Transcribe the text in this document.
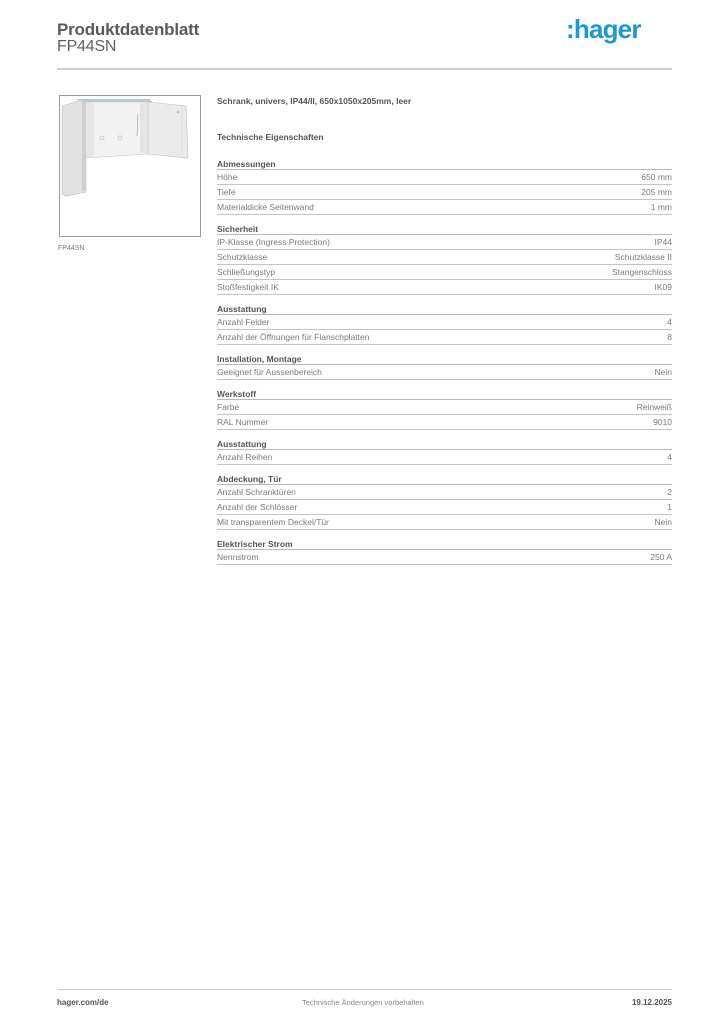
Produktdatenblatt
FP44SN
:hager
FP44SN
Schrank, univers, IP44/II, 650x1050x205mm, leer
Technische Eigenschaften
Abmessungen
Höhe	650 mm
Tiefe	205 mm
Materialdicke Seitenwand	1 mm
Sicherheit
IP-Klasse (Ingress Protection)	IP44
Schutzklasse	Schutzklasse II
Schließungstyp	Stangenschloss
Stoßfestigkeit IK	IK09
Ausstattung
Anzahl Felder	4
Anzahl der Öffnungen für Flanschplatten	8
Installation, Montage
Geeignet für Aussenbereich	Nein
Werkstoff
Farbe	Reinweiß
RAL Nummer	9010
Ausstattung
Anzahl Reihen	4
Abdeckung, Tür
Anzahl Schranktüren	2
Anzahl der Schlösser	1
Mit transparentem Deckel/Tür	Nein
Elektrischer Strom
Nennstrom	250 A
hager.com/de	Technische Änderungen vorbehalten	19.12.2025
